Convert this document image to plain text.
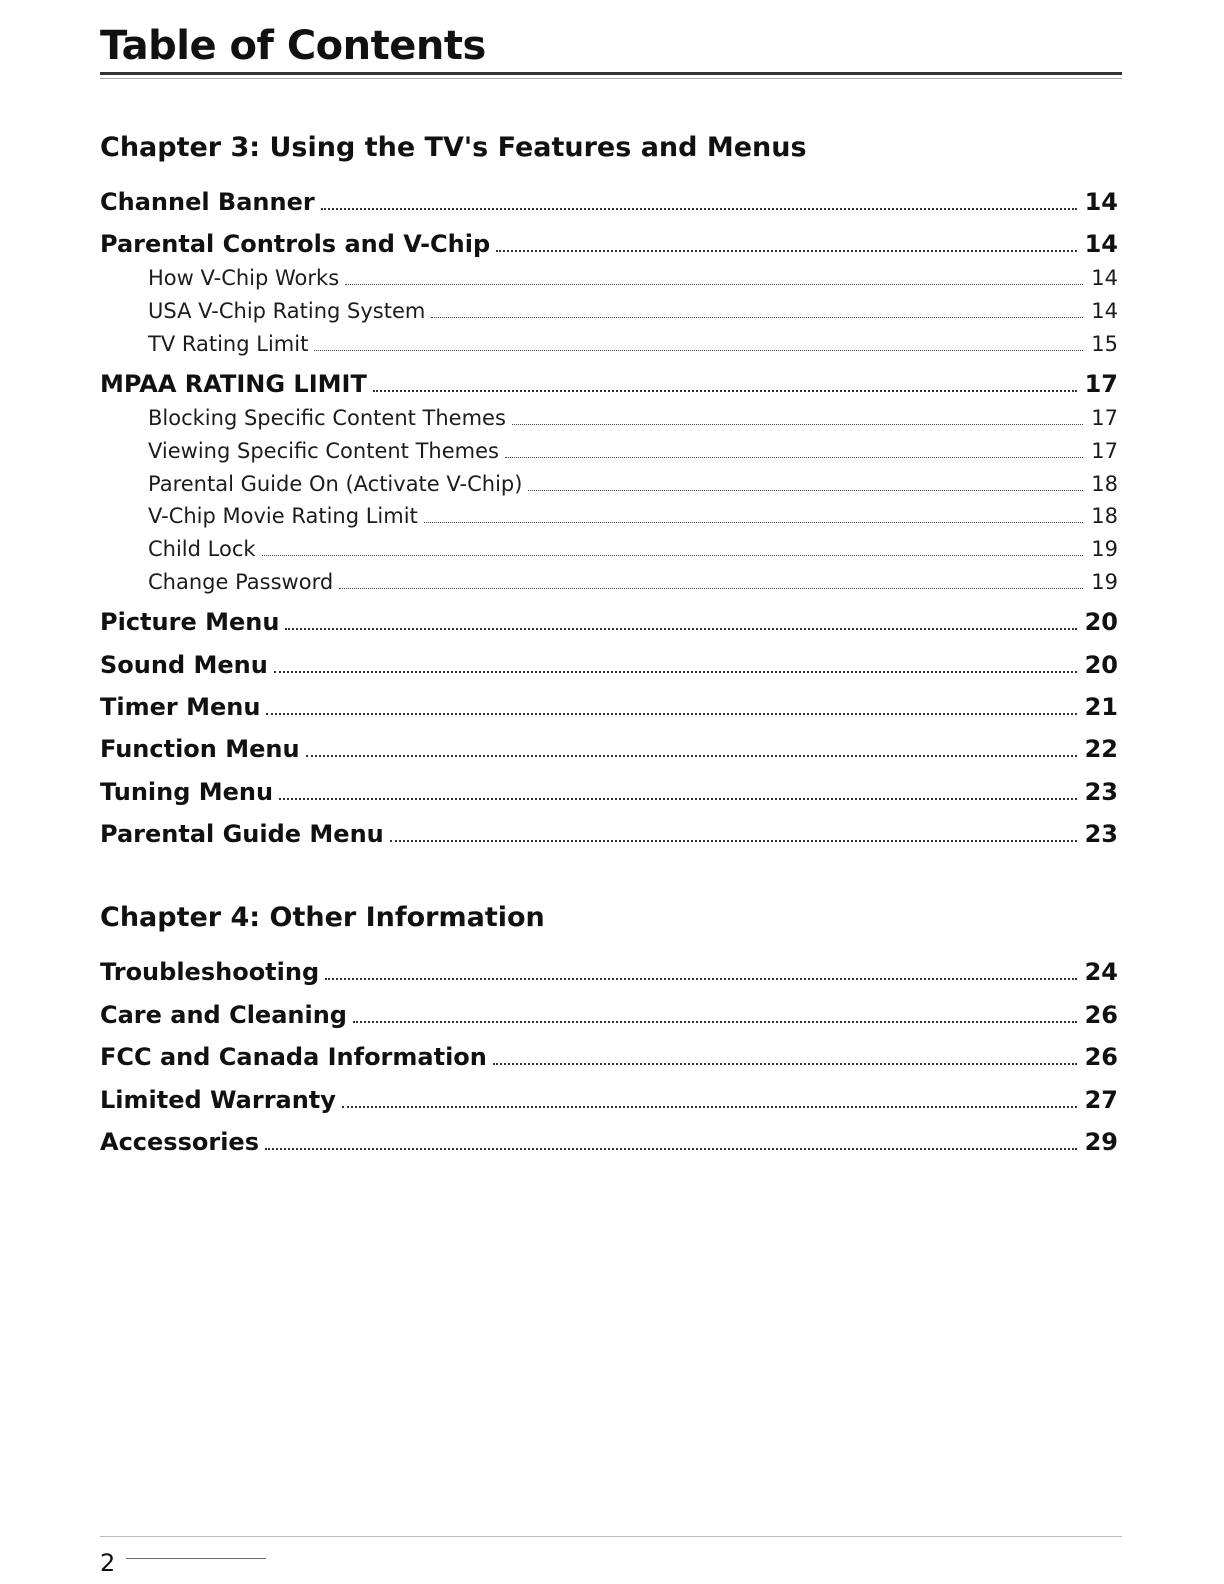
Table of Contents
Chapter 3: Using the TV's Features and Menus
Channel Banner	14
Parental Controls and V-Chip	14
How V-Chip Works	14
USA V-Chip Rating System	14
TV Rating Limit	15
MPAA RATING LIMIT	17
Blocking Specific Content Themes	17
Viewing Specific Content Themes	17
Parental Guide On (Activate V-Chip)	18
V-Chip Movie Rating Limit	18
Child Lock	19
Change Password	19
Picture Menu	20
Sound Menu	20
Timer Menu	21
Function Menu	22
Tuning Menu	23
Parental Guide Menu	23
Chapter 4: Other Information
Troubleshooting	24
Care and Cleaning	26
FCC and Canada Information	26
Limited Warranty	27
Accessories	29
2
